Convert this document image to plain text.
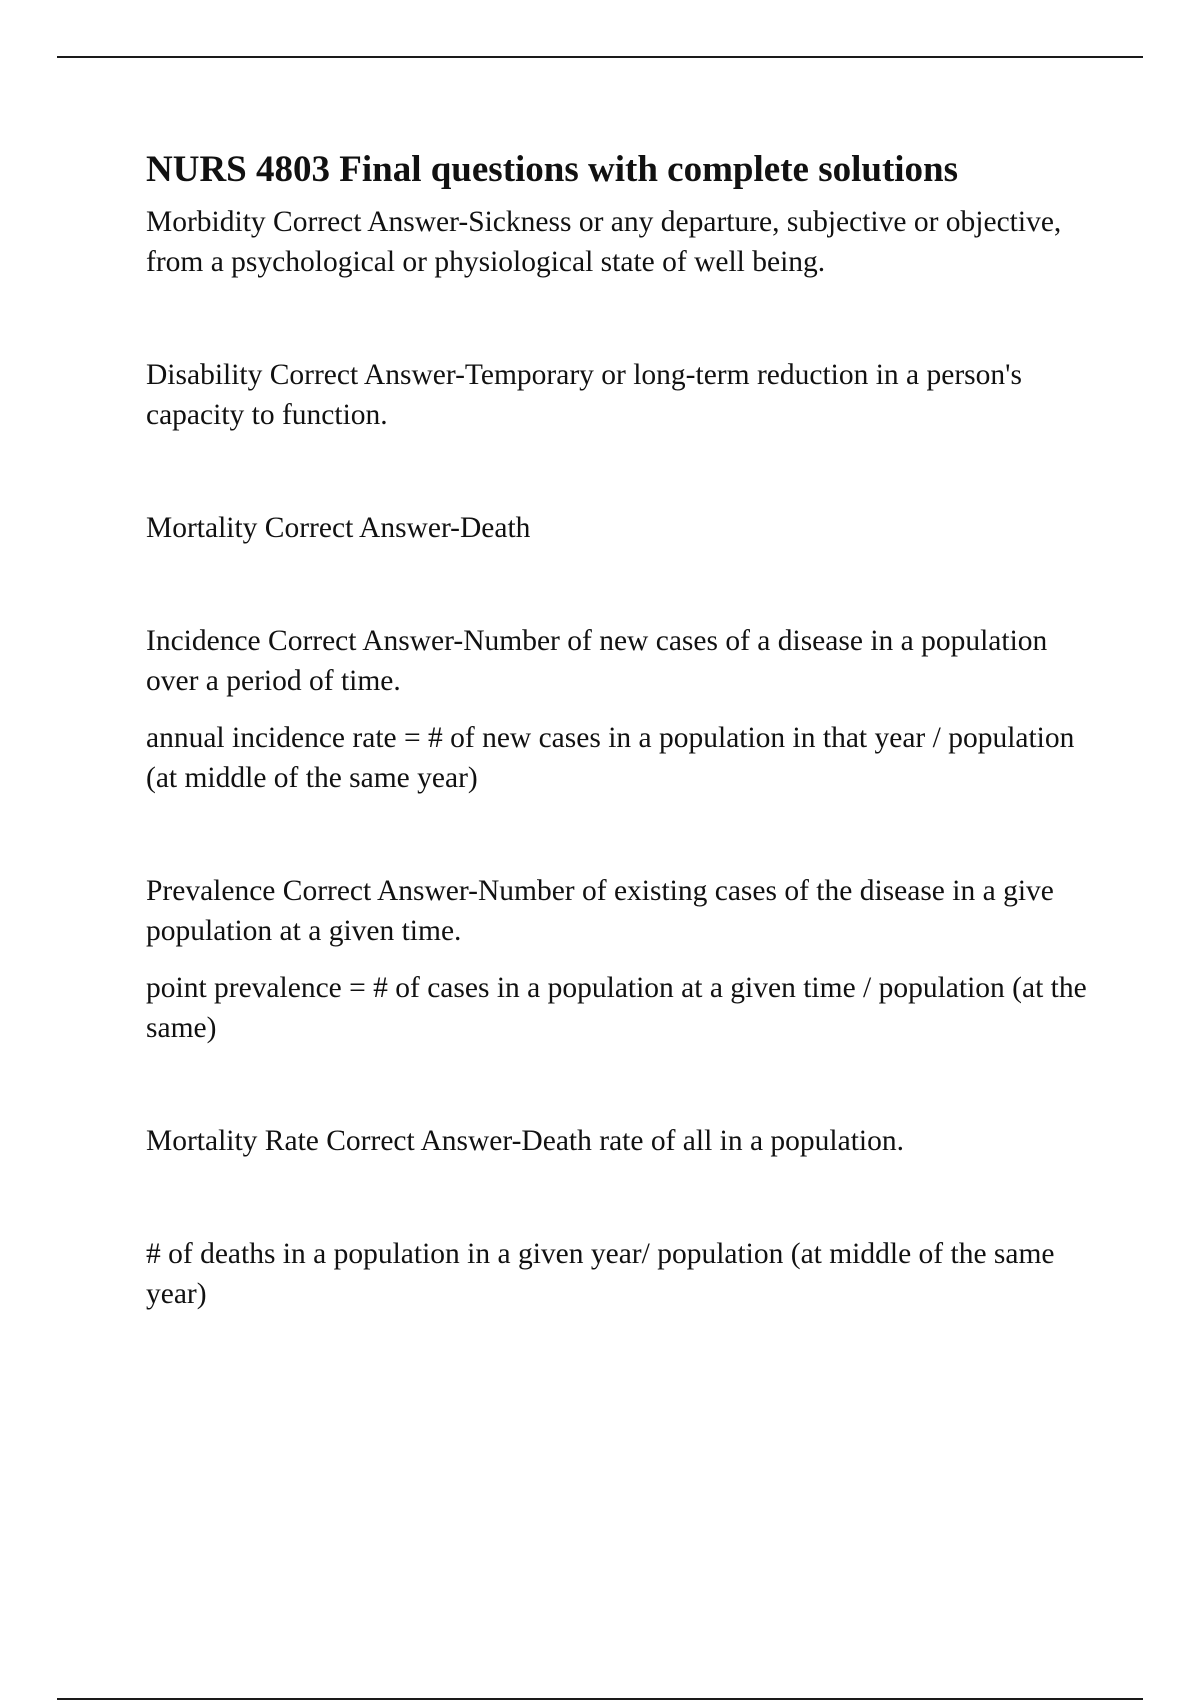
NURS 4803 Final questions with complete solutions

Morbidity Correct Answer-Sickness or any departure, subjective or objective, from a psychological or physiological state of well being.

Disability Correct Answer-Temporary or long-term reduction in a person's capacity to function.

Mortality Correct Answer-Death

Incidence Correct Answer-Number of new cases of a disease in a population over a period of time.

annual incidence rate = # of new cases in a population in that year / population (at middle of the same year)

Prevalence Correct Answer-Number of existing cases of the disease in a give population at a given time.

point prevalence = # of cases in a population at a given time / population (at the same)

Mortality Rate Correct Answer-Death rate of all in a population.

# of deaths in a population in a given year/ population (at middle of the same year)
